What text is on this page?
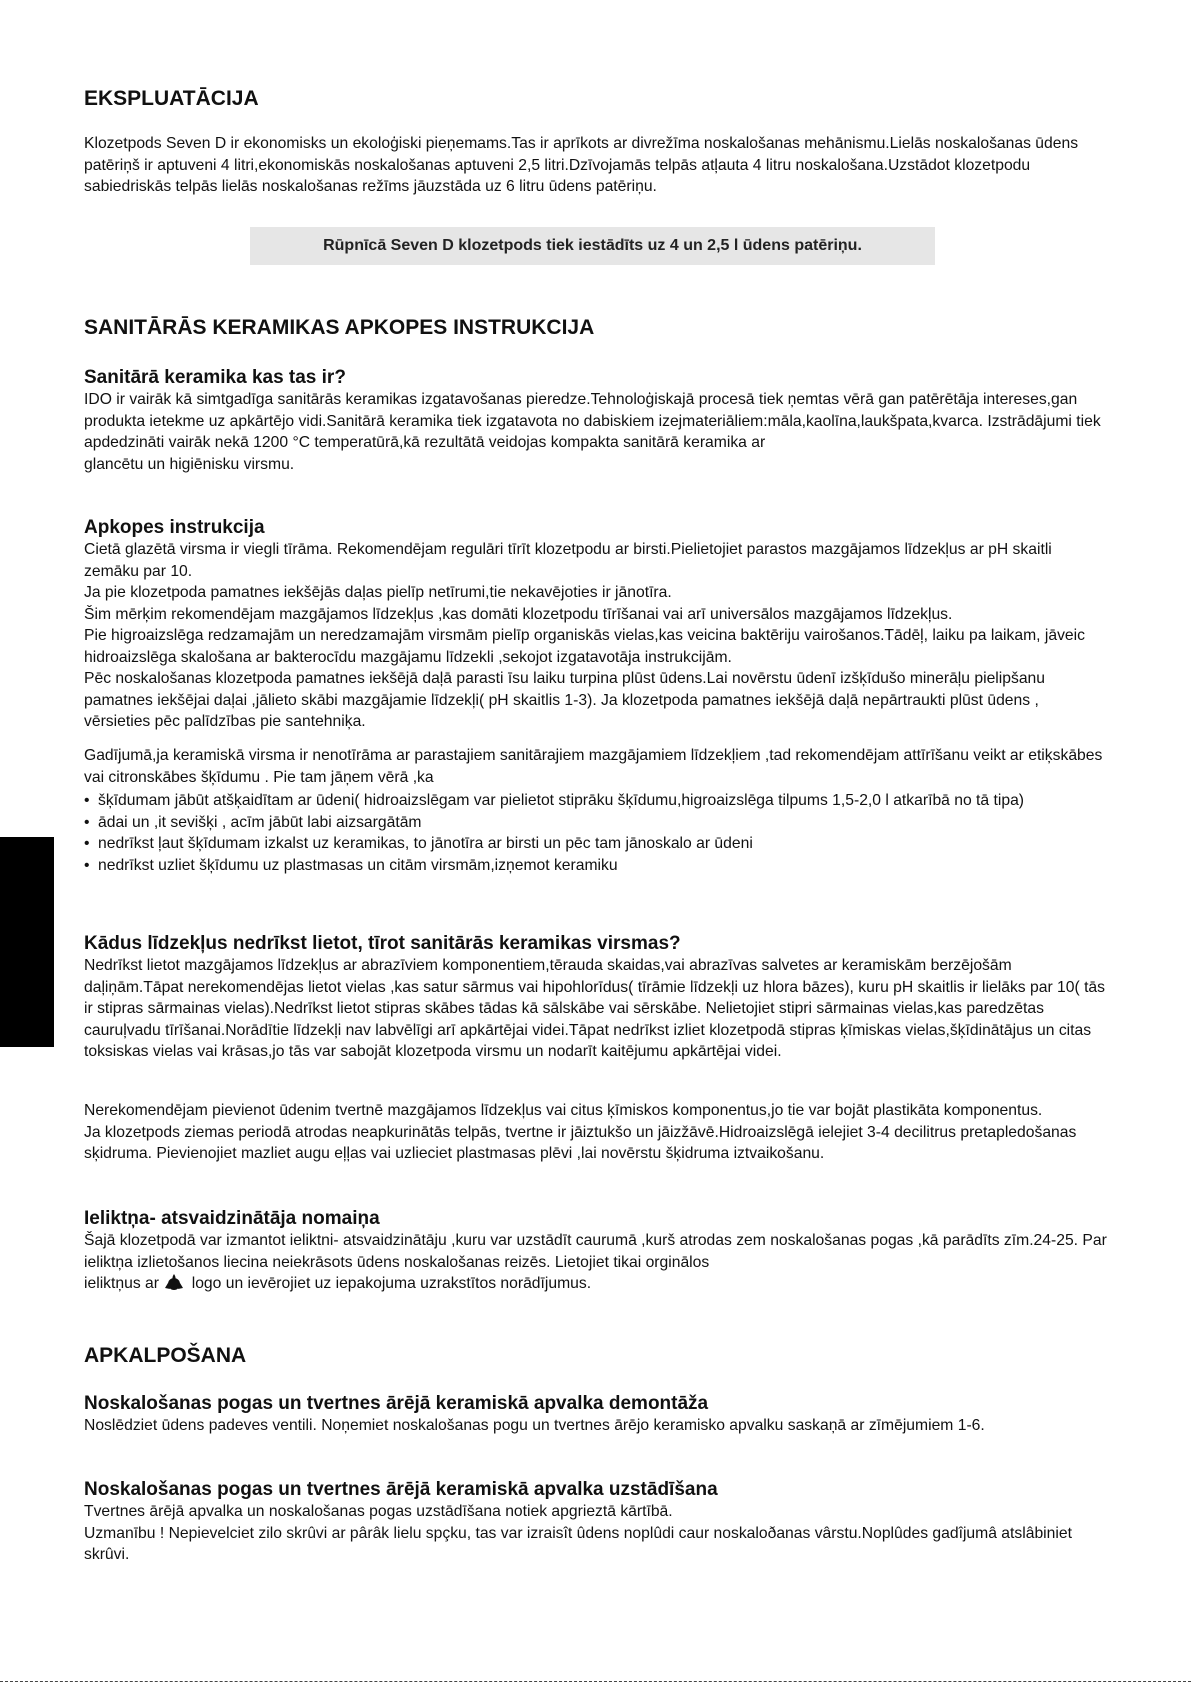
EKSPLUATĀCIJA

Klozetpods Seven D ir ekonomisks un ekoloģiski pieņemams.Tas ir aprīkots ar divrežīma noskalošanas mehānismu.Lielās noskalošanas ūdens patēriņš ir aptuveni 4 litri,ekonomiskās noskalošanas aptuveni 2,5 litri.Dzīvojamās telpās atļauta 4 litru noskalošana.Uzstādot klozetpodu sabiedriskās telpās lielās noskalošanas režīms jāuzstāda uz 6 litru ūdens patēriņu.

Rūpnīcā Seven D klozetpods tiek iestādīts uz 4 un 2,5 l ūdens patēriņu.
SANITĀRĀS KERAMIKAS APKOPES INSTRUKCIJA
Sanitārā keramika kas tas ir?

IDO ir vairāk kā simtgadīga sanitārās keramikas izgatavošanas pieredze.Tehnoloģiskajā procesā tiek ņemtas vērā gan patērētāja intereses,gan produkta ietekme uz apkārtējo vidi.Sanitārā keramika tiek izgatavota no dabiskiem izejmateriāliem:māla,kaolīna,laukšpata,kvarca. Izstrādājumi tiek apdedzināti vairāk nekā 1200 °C temperatūrā,kā rezultātā veidojas kompakta sanitārā keramika ar

glancētu un higiēnisku virsmu.

Apkopes instrukcija

Cietā glazētā virsma ir viegli tīrāma. Rekomendējam regulāri tīrīt klozetpodu ar birsti.Pielietojiet parastos mazgājamos līdzekļus ar pH skaitli zemāku par 10.

Ja pie klozetpoda pamatnes iekšējās daļas pielīp netīrumi,tie nekavējoties ir jānotīra.

Šim mērķim rekomendējam mazgājamos līdzekļus ,kas domāti klozetpodu tīrīšanai vai arī universālos mazgājamos līdzekļus.

Pie higroaizslēga redzamajām un neredzamajām virsmām pielīp organiskās vielas,kas veicina baktēriju vairošanos.Tādēļ, laiku pa laikam, jāveic hidroaizslēga skalošana ar bakterocīdu mazgājamu līdzekli ,sekojot izgatavotāja instrukcijām.

Pēc noskalošanas klozetpoda pamatnes iekšējā daļā parasti īsu laiku turpina plūst ūdens.Lai novērstu ūdenī izšķīdušo minerāļu pielipšanu pamatnes iekšējai daļai ,jālieto skābi mazgājamie līdzekļi( pH skaitlis 1-3). Ja klozetpoda pamatnes iekšējā daļā nepārtraukti plūst ūdens , vērsieties pēc palīdzības pie santehniķa.

Gadījumā,ja keramiskā virsma ir nenotīrāma ar parastajiem sanitārajiem mazgājamiem līdzekļiem ,tad rekomendējam attīrīšanu veikt ar etiķskābes vai citronskābes šķīdumu . Pie tam jāņem vērā ,ka

• šķīdumam jābūt atšķaidītam ar ūdeni( hidroaizslēgam var pielietot stiprāku šķīdumu,higroaizslēga tilpums 1,5-2,0 l atkarībā no tā tipa)
• ādai un ,it sevišķi , acīm jābūt labi aizsargātām
• nedrīkst ļaut šķīdumam izkalst uz keramikas, to jānotīra ar birsti un pēc tam jānoskalo ar ūdeni
• nedrīkst uzliet šķīdumu uz plastmasas un citām virsmām,izņemot keramiku
Kādus līdzekļus nedrīkst lietot, tīrot sanitārās keramikas virsmas?

Nedrīkst lietot mazgājamos līdzekļus ar abrazīviem komponentiem,tērauda skaidas,vai abrazīvas salvetes ar keramiskām berzējošām daļiņām.Tāpat nerekomendējas lietot vielas ,kas satur sārmus vai hipohlorīdus( tīrāmie līdzekļi uz hlora bāzes), kuru pH skaitlis ir lielāks par 10( tās ir stipras sārmainas vielas).Nedrīkst lietot stipras skābes tādas kā sālskābe vai sērskābe. Nelietojiet stipri sārmainas vielas,kas paredzētas cauruļvadu tīrīšanai.Norādītie līdzekļi nav labvēlīgi arī apkārtējai videi.Tāpat nedrīkst izliet klozetpodā stipras ķīmiskas vielas,šķīdinātājus un citas toksiskas vielas vai krāsas,jo tās var sabojāt klozetpoda virsmu un nodarīt kaitējumu apkārtējai videi.

Nerekomendējam pievienot ūdenim tvertnē mazgājamos līdzekļus vai citus ķīmiskos komponentus,jo tie var bojāt plastikāta komponentus.

Ja klozetpods ziemas periodā atrodas neapkurinātās telpās, tvertne ir jāiztukšo un jāizžāvē.Hidroaizslēgā ielejiet 3-4 decilitrus pretapledošanas sķidruma. Pievienojiet mazliet augu eļļas vai uzlieciet plastmasas plēvi ,lai novērstu šķidruma iztvaikošanu.

Ieliktņa- atsvaidzinātāja nomaiņa

Šajā klozetpodā var izmantot ieliktni- atsvaidzinātāju ,kuru var uzstādīt caurumā ,kurš atrodas zem noskalošanas pogas ,kā parādīts zīm.24-25. Par ieliktņa izlietošanos liecina neiekrāsots ūdens noskalošanas reizēs. Lietojiet tikai orginālos

ieliktņus ar logo un ievērojiet uz iepakojuma uzrakstītos norādījumus.

APKALPOŠANA
Noskalošanas pogas un tvertnes ārējā keramiskā apvalka demontāža

Noslēdziet ūdens padeves ventili. Noņemiet noskalošanas pogu un tvertnes ārējo keramisko apvalku saskaņā ar zīmējumiem 1-6.

Noskalošanas pogas un tvertnes ārējā keramiskā apvalka uzstādīšana

Tvertnes ārējā apvalka un noskalošanas pogas uzstādīšana notiek apgrieztā kārtībā.

Uzmanību ! Nepievelciet zilo skrûvi ar pârâk lielu spçku, tas var izraisît ûdens noplûdi caur noskaloðanas vârstu.Noplûdes gadîjumâ atslâbiniet skrûvi.
